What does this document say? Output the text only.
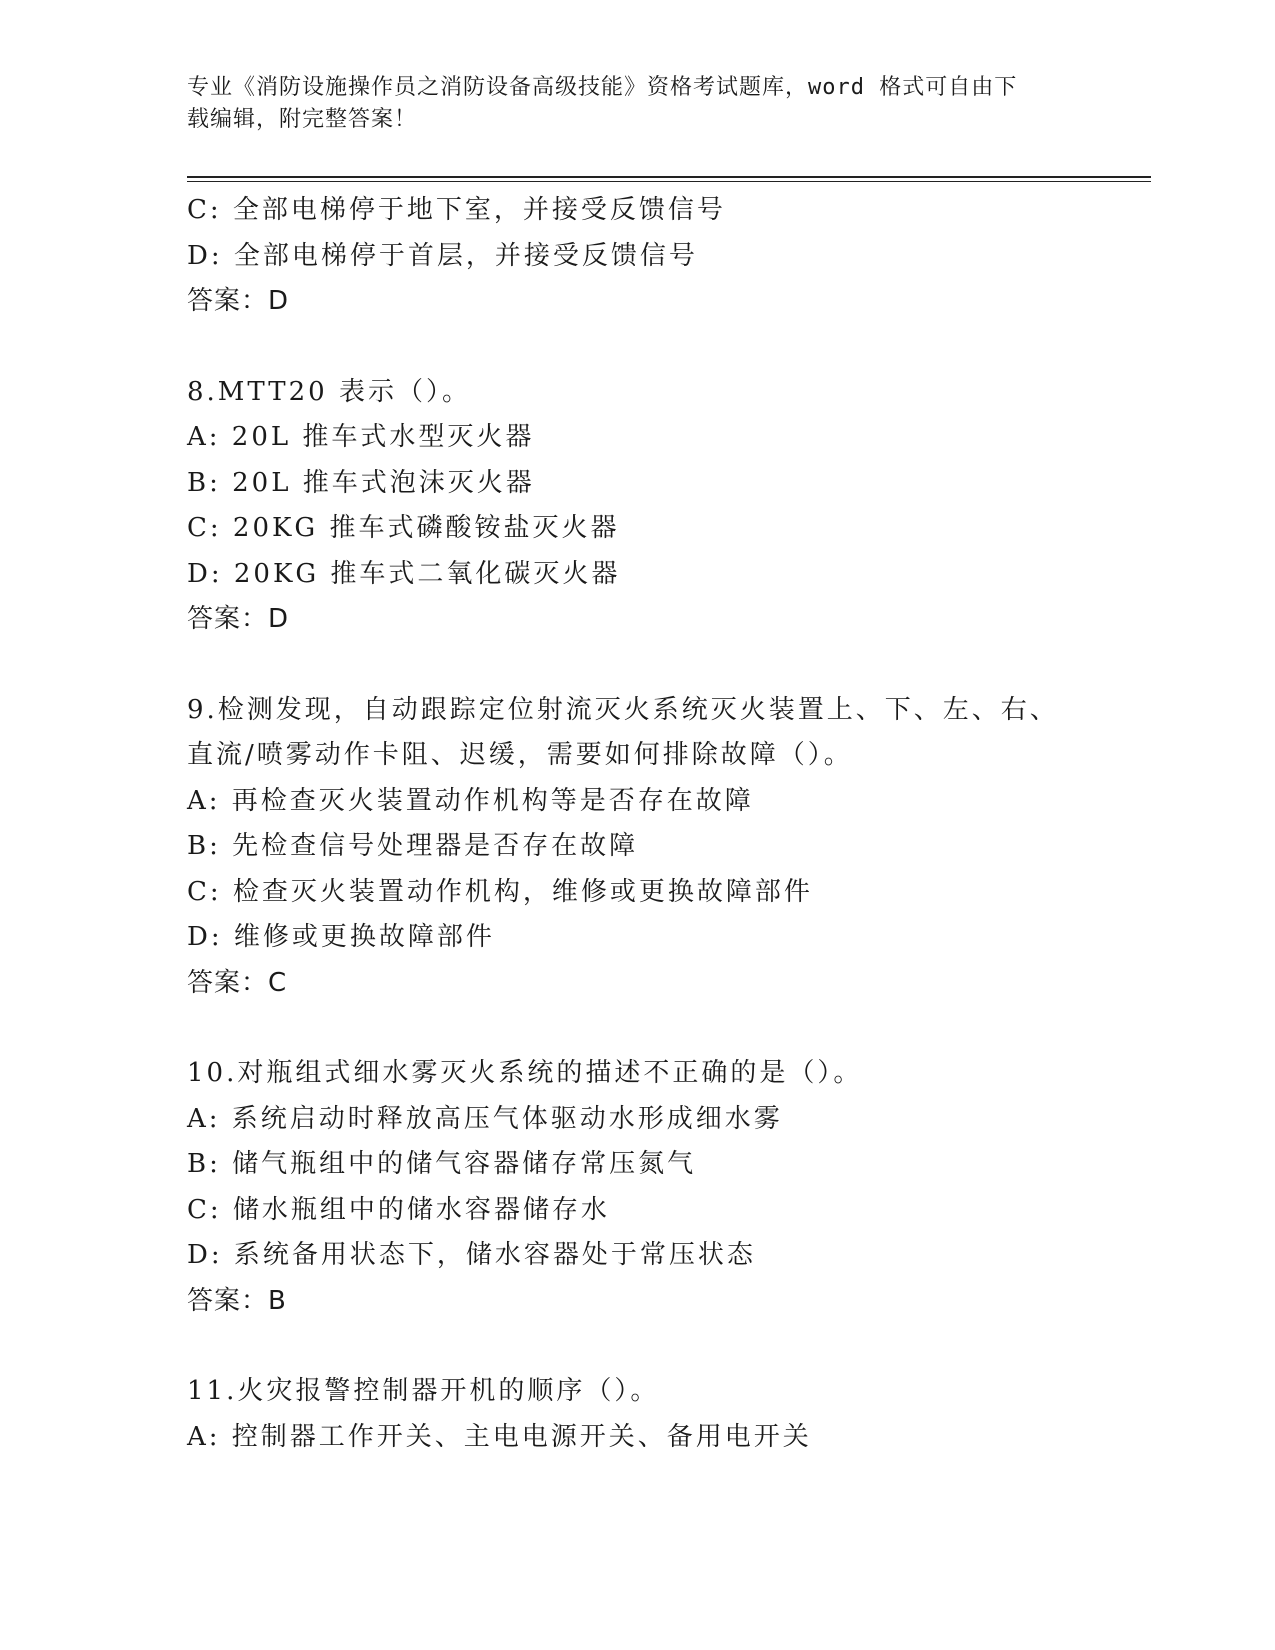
专业《消防设施操作员之消防设备高级技能》资格考试题库，word 格式可自由下
载编辑，附完整答案！
C: 全部电梯停于地下室，并接受反馈信号
D: 全部电梯停于首层，并接受反馈信号
答案：D
8.MTT20 表示（）。
A: 20L 推车式水型灭火器
B: 20L 推车式泡沫灭火器
C: 20KG 推车式磷酸铵盐灭火器
D: 20KG 推车式二氧化碳灭火器
答案：D
9.检测发现，自动跟踪定位射流灭火系统灭火装置上、下、左、右、
直流/喷雾动作卡阻、迟缓，需要如何排除故障（）。
A: 再检查灭火装置动作机构等是否存在故障
B: 先检查信号处理器是否存在故障
C: 检查灭火装置动作机构，维修或更换故障部件
D: 维修或更换故障部件
答案：C
10.对瓶组式细水雾灭火系统的描述不正确的是（）。
A: 系统启动时释放高压气体驱动水形成细水雾
B: 储气瓶组中的储气容器储存常压氮气
C: 储水瓶组中的储水容器储存水
D: 系统备用状态下，储水容器处于常压状态
答案：B
11.火灾报警控制器开机的顺序（）。
A: 控制器工作开关、主电电源开关、备用电开关
